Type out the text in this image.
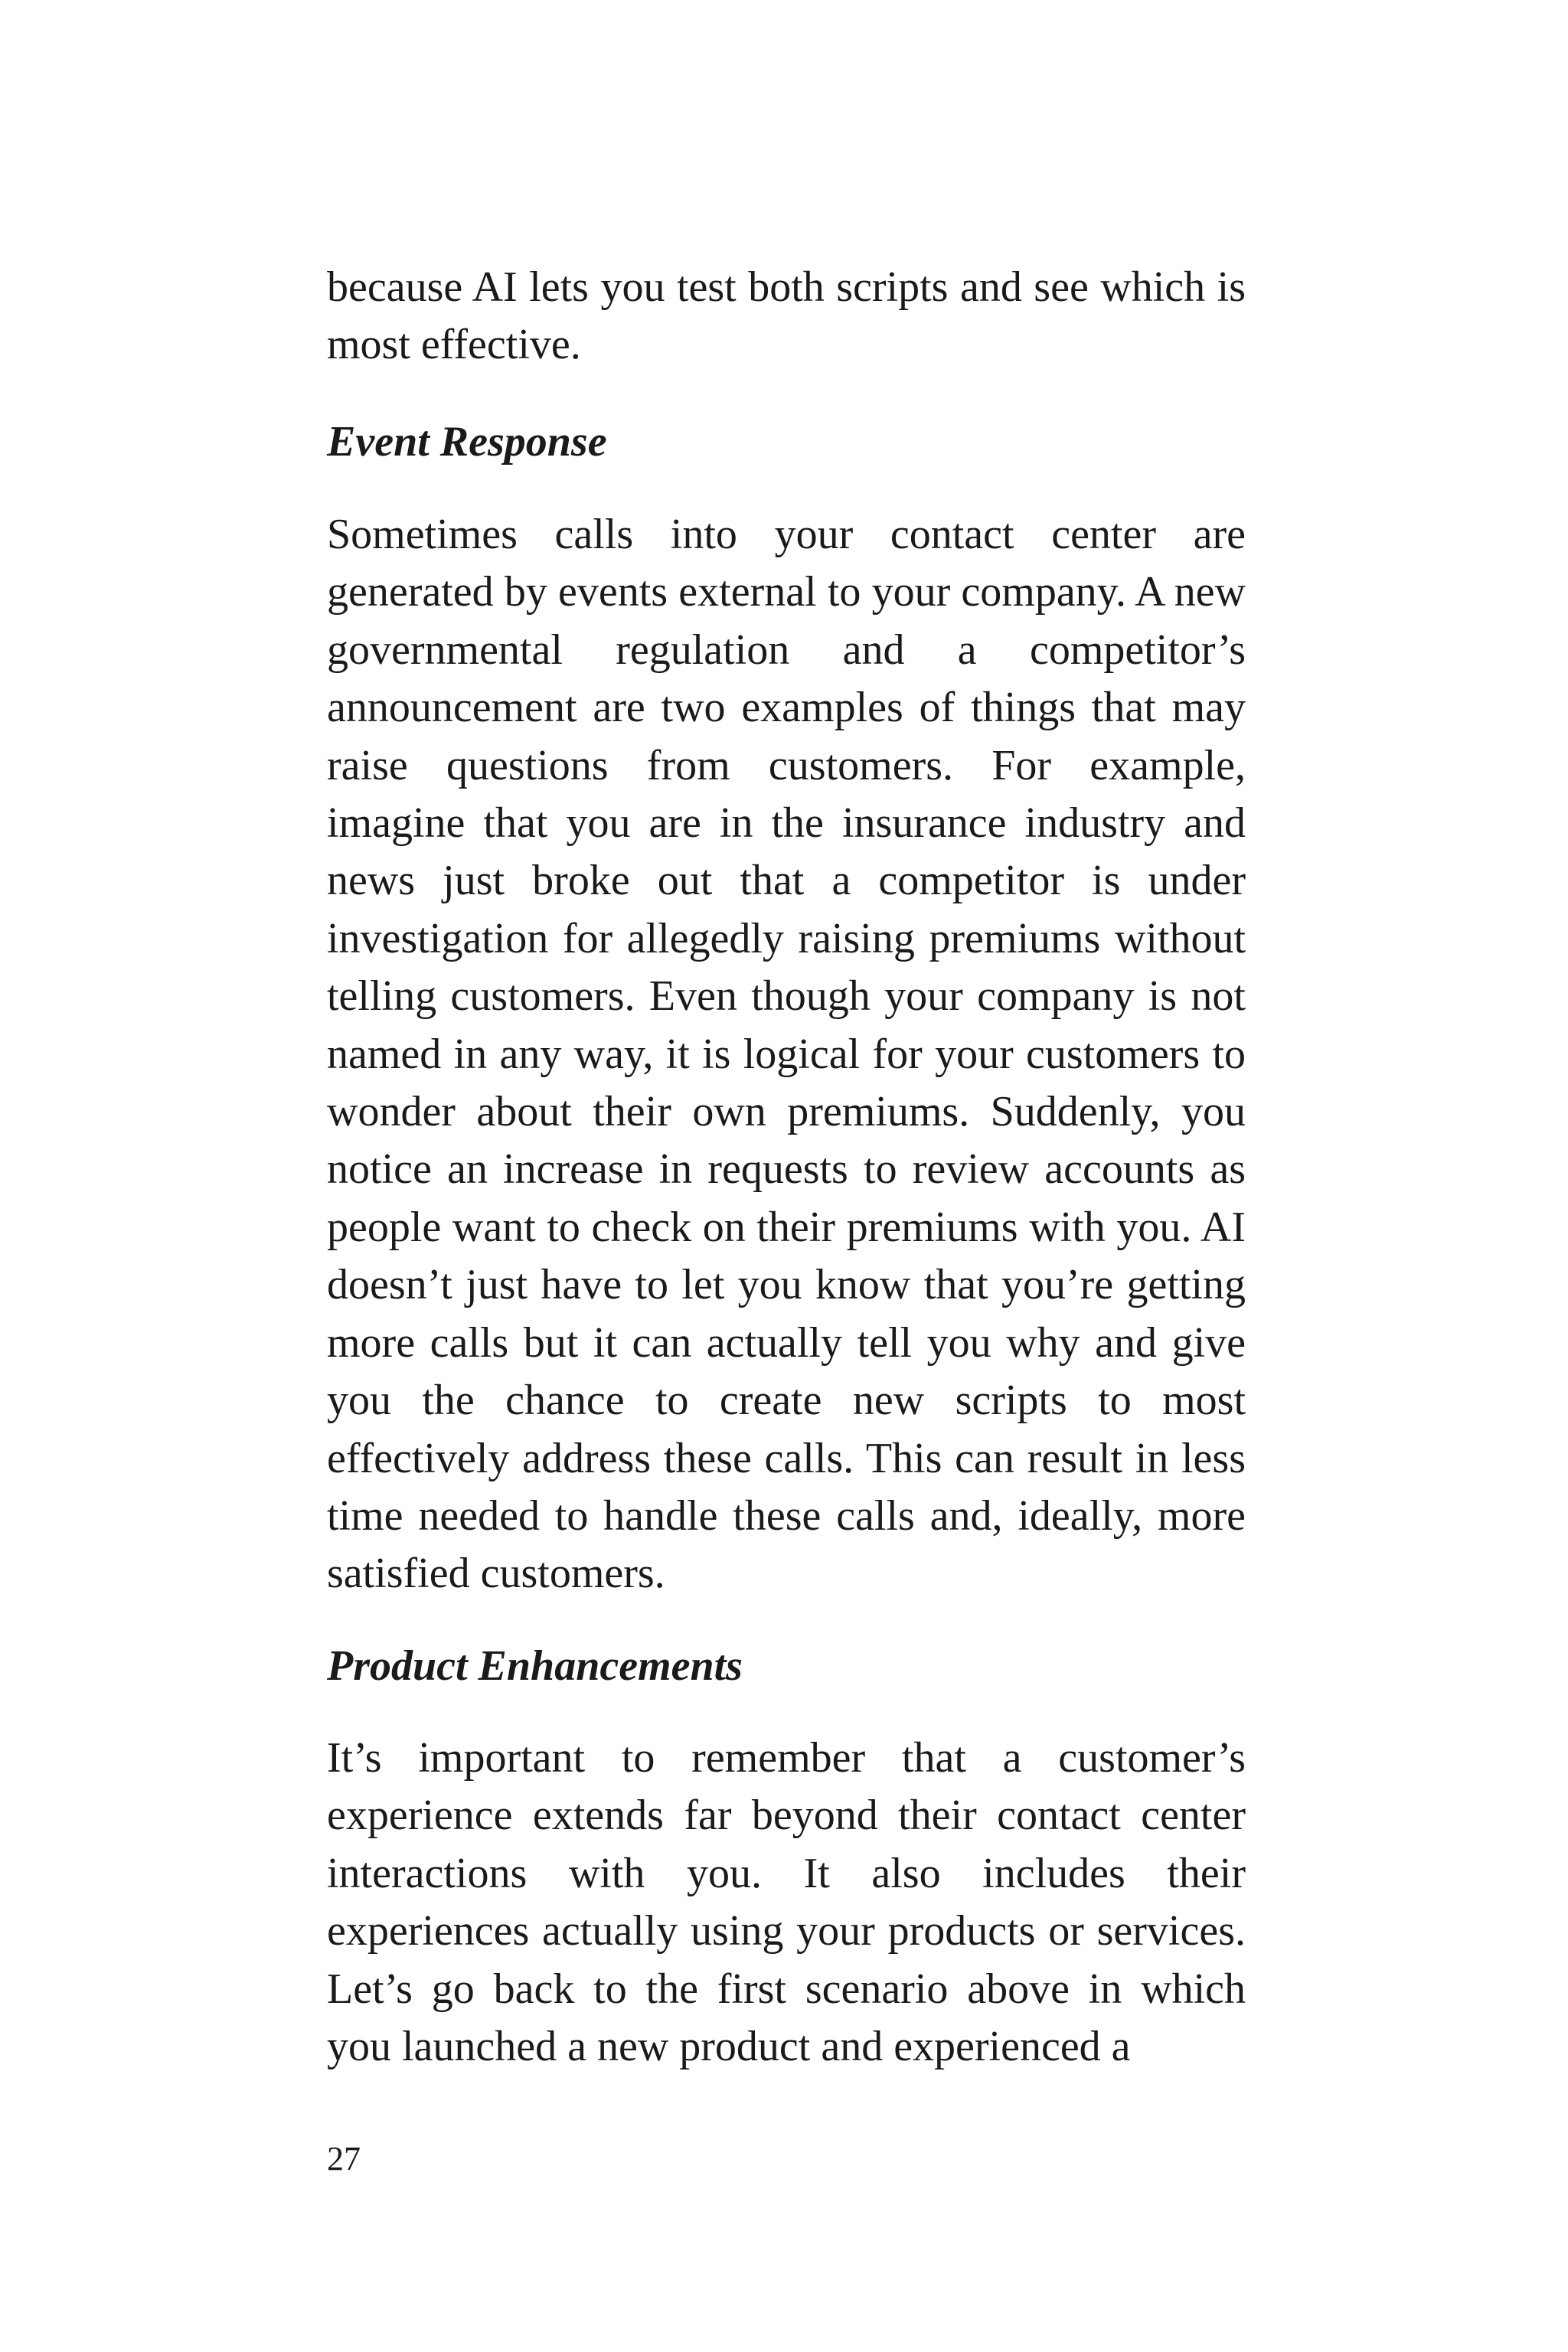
because AI lets you test both scripts and see which is most effective.

Event Response

Sometimes calls into your contact center are generated by events external to your company. A new governmental regulation and a competitor’s announcement are two examples of things that may raise questions from customers. For example, imagine that you are in the insurance industry and news just broke out that a competitor is under investigation for allegedly raising premiums without telling customers. Even though your company is not named in any way, it is logical for your customers to wonder about their own premiums. Suddenly, you notice an increase in requests to review accounts as people want to check on their premiums with you. AI doesn’t just have to let you know that you’re getting more calls but it can actually tell you why and give you the chance to create new scripts to most effectively address these calls. This can result in less time needed to handle these calls and, ideally, more satisfied customers.

Product Enhancements

It’s important to remember that a customer’s experience extends far beyond their contact center interactions with you. It also includes their experiences actually using your products or services. Let’s go back to the first scenario above in which you launched a new product and experienced a

27
